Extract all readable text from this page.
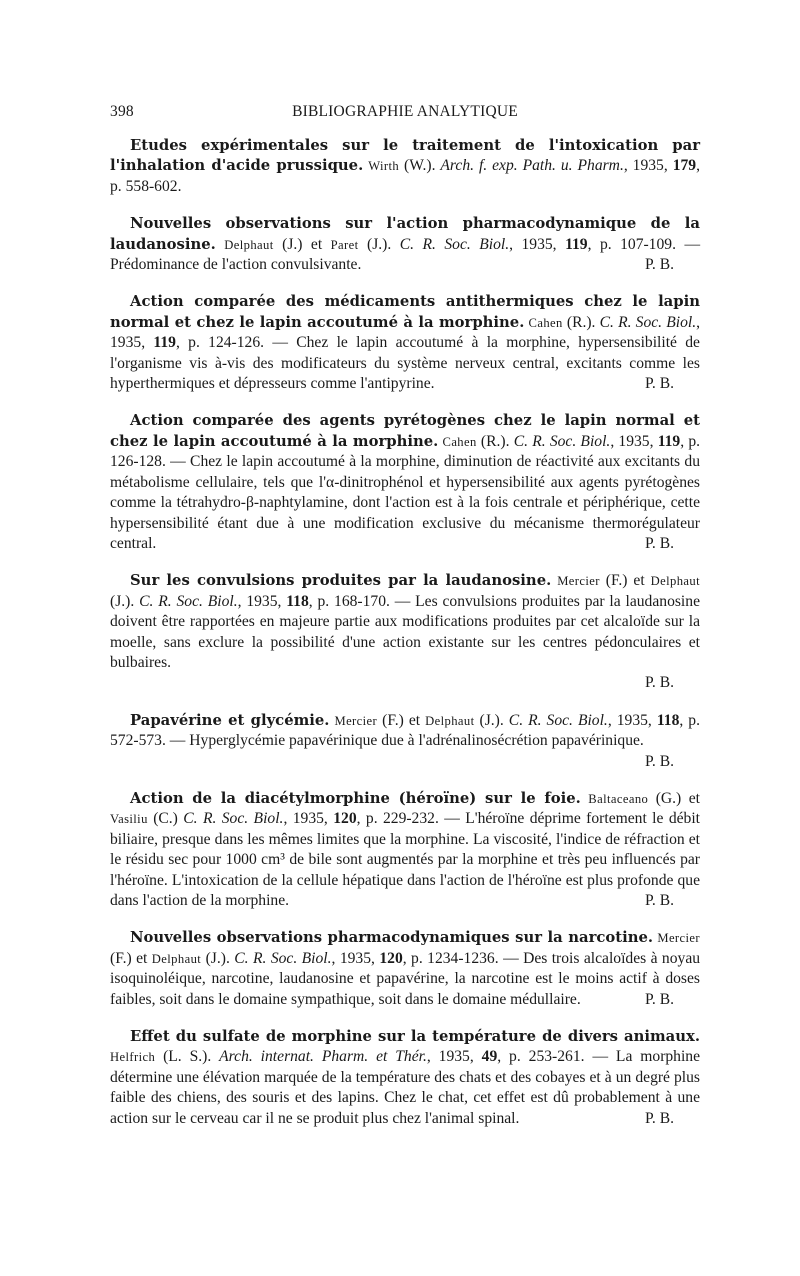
398	BIBLIOGRAPHIE ANALYTIQUE

Etudes expérimentales sur le traitement de l'intoxication par l'inhalation d'acide prussique. Wirth (W.). Arch. f. exp. Path. u. Pharm., 1935, 179, p. 558-602.

Nouvelles observations sur l'action pharmacodynamique de la laudanosine. Delphaut (J.) et Paret (J.). C. R. Soc. Biol., 1935, 119, p. 107-109. — Prédominance de l'action convulsivante.	P. B.

Action comparée des médicaments antithermiques chez le lapin normal et chez le lapin accoutumé à la morphine. Cahen (R.). C. R. Soc. Biol., 1935, 119, p. 124-126. — Chez le lapin accoutumé à la morphine, hypersensibilité de l'organisme vis à-vis des modificateurs du système nerveux central, excitants comme les hyperthermiques et dépresseurs comme l'antipyrine.	P. B.

Action comparée des agents pyrétogènes chez le lapin normal et chez le lapin accoutumé à la morphine. Cahen (R.). C. R. Soc. Biol., 1935, 119, p. 126-128. — Chez le lapin accoutumé à la morphine, diminution de réactivité aux excitants du métabolisme cellulaire, tels que l'α-dinitrophénol et hypersensibilité aux agents pyrétogènes comme la tétrahydro-β-naphtylamine, dont l'action est à la fois centrale et périphérique, cette hypersensibilité étant due à une modification exclusive du mécanisme thermorégulateur central.	P. B.

Sur les convulsions produites par la laudanosine. Mercier (F.) et Delphaut (J.). C. R. Soc. Biol., 1935, 118, p. 168-170. — Les convulsions produites par la laudanosine doivent être rapportées en majeure partie aux modifications produites par cet alcaloïde sur la moelle, sans exclure la possibilité d'une action existante sur les centres pédonculaires et bulbaires.
P. B.

Papavérine et glycémie. Mercier (F.) et Delphaut (J.). C. R. Soc. Biol., 1935, 118, p. 572-573. — Hyperglycémie papavérinique due à l'adrénalinosécrétion papavérinique.
P. B.

Action de la diacétylmorphine (héroïne) sur le foie. Baltaceano (G.) et Vasiliu (C.) C. R. Soc. Biol., 1935, 120, p. 229-232. — L'héroïne déprime fortement le débit biliaire, presque dans les mêmes limites que la morphine. La viscosité, l'indice de réfraction et le résidu sec pour 1000 cm³ de bile sont augmentés par la morphine et très peu influencés par l'héroïne. L'intoxication de la cellule hépatique dans l'action de l'héroïne est plus profonde que dans l'action de la morphine.	P. B.

Nouvelles observations pharmacodynamiques sur la narcotine. Mercier (F.) et Delphaut (J.). C. R. Soc. Biol., 1935, 120, p. 1234-1236. — Des trois alcaloïdes à noyau isoquinoléique, narcotine, laudanosine et papavérine, la narcotine est le moins actif à doses faibles, soit dans le domaine sympathique, soit dans le domaine médullaire.	P. B.

Effet du sulfate de morphine sur la température de divers animaux. Helfrich (L. S.). Arch. internat. Pharm. et Thér., 1935, 49, p. 253-261. — La morphine détermine une élévation marquée de la température des chats et des cobayes et à un degré plus faible des chiens, des souris et des lapins. Chez le chat, cet effet est dû probablement à une action sur le cerveau car il ne se produit plus chez l'animal spinal.	P. B.
